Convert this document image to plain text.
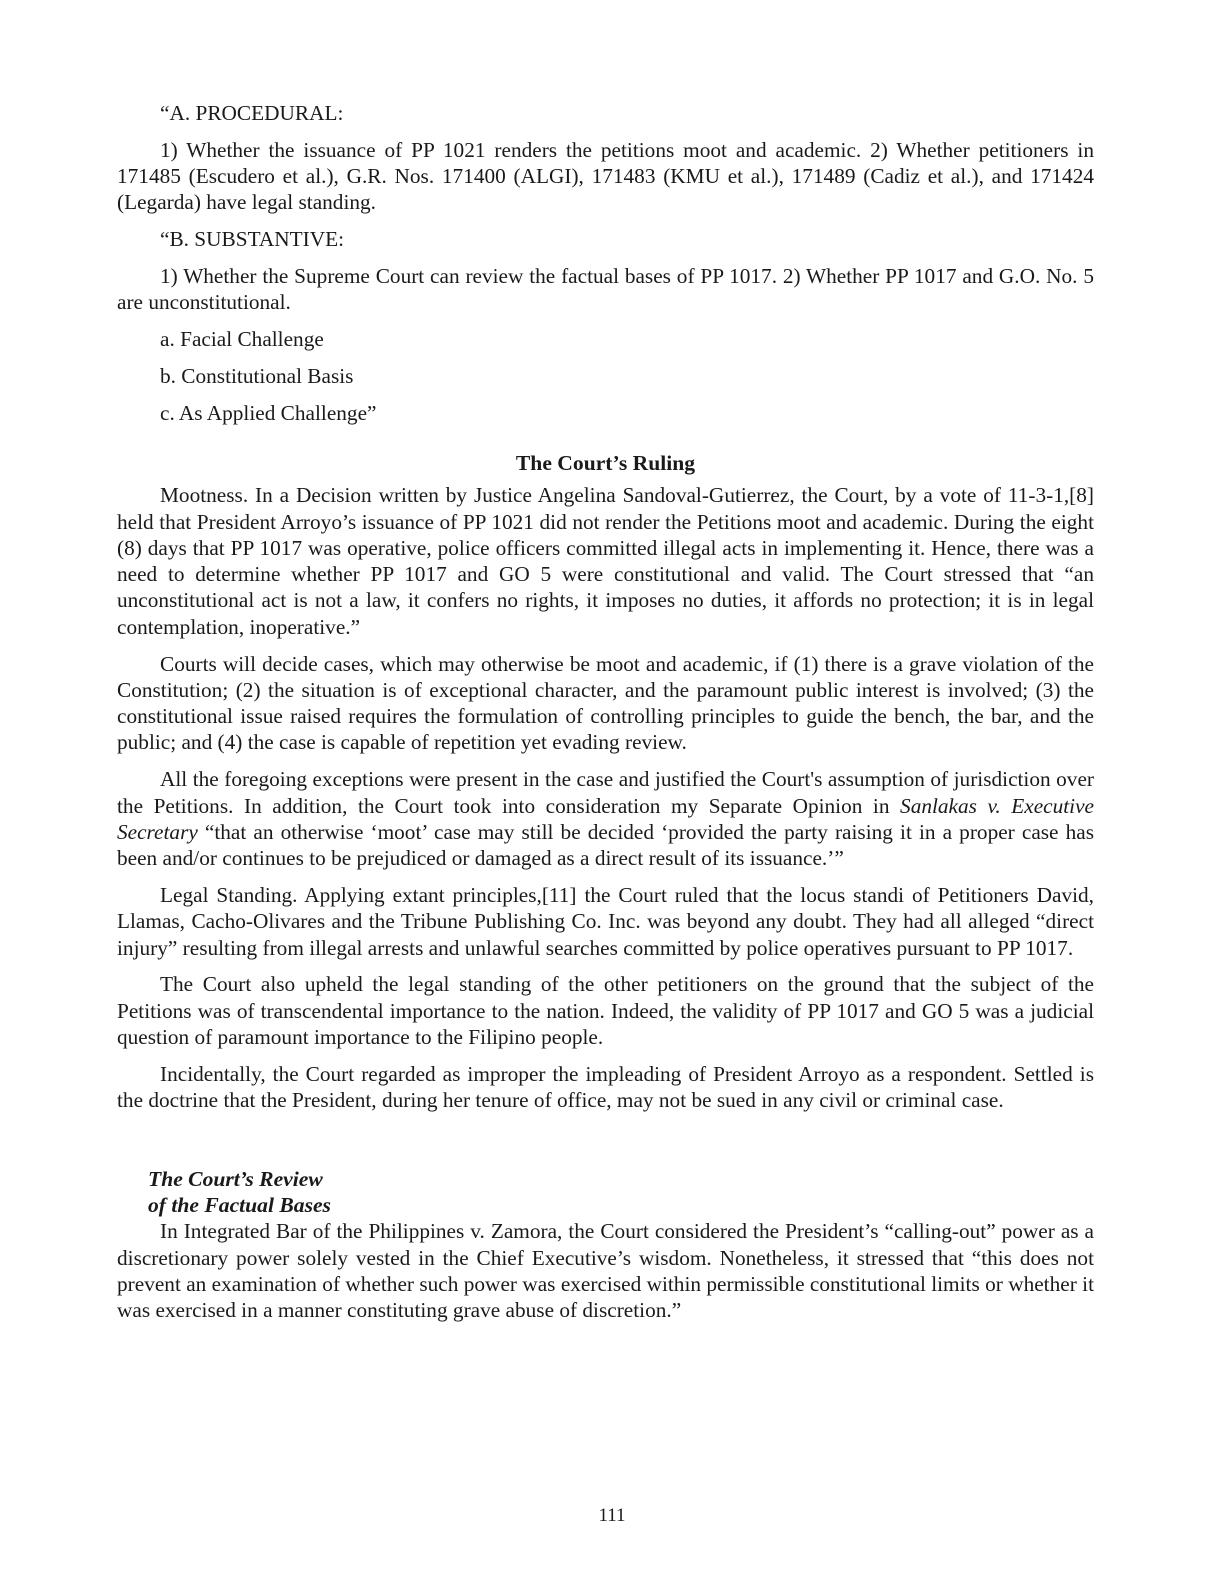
“A. PROCEDURAL:

1) Whether the issuance of PP 1021 renders the petitions moot and academic. 2) Whether petitioners in 171485 (Escudero et al.), G.R. Nos. 171400 (ALGI), 171483 (KMU et al.), 171489 (Cadiz et al.), and 171424 (Legarda) have legal standing.

“B. SUBSTANTIVE:

1) Whether the Supreme Court can review the factual bases of PP 1017. 2) Whether PP 1017 and G.O. No. 5 are unconstitutional.

a. Facial Challenge

b. Constitutional Basis

c. As Applied Challenge”

The Court’s Ruling

Mootness. In a Decision written by Justice Angelina Sandoval-Gutierrez, the Court, by a vote of 11-3-1,[8] held that President Arroyo’s issuance of PP 1021 did not render the Petitions moot and academic. During the eight (8) days that PP 1017 was operative, police officers committed illegal acts in implementing it. Hence, there was a need to determine whether PP 1017 and GO 5 were constitutional and valid. The Court stressed that “an unconstitutional act is not a law, it confers no rights, it imposes no duties, it affords no protection; it is in legal contemplation, inoperative.”

Courts will decide cases, which may otherwise be moot and academic, if (1) there is a grave violation of the Constitution; (2) the situation is of exceptional character, and the paramount public interest is involved; (3) the constitutional issue raised requires the formulation of controlling principles to guide the bench, the bar, and the public; and (4) the case is capable of repetition yet evading review.

All the foregoing exceptions were present in the case and justified the Court's assumption of jurisdiction over the Petitions. In addition, the Court took into consideration my Separate Opinion in Sanlakas v. Executive Secretary “that an otherwise ‘moot’ case may still be decided ‘provided the party raising it in a proper case has been and/or continues to be prejudiced or damaged as a direct result of its issuance.’”

Legal Standing. Applying extant principles,[11] the Court ruled that the locus standi of Petitioners David, Llamas, Cacho-Olivares and the Tribune Publishing Co. Inc. was beyond any doubt. They had all alleged “direct injury” resulting from illegal arrests and unlawful searches committed by police operatives pursuant to PP 1017.

The Court also upheld the legal standing of the other petitioners on the ground that the subject of the Petitions was of transcendental importance to the nation. Indeed, the validity of PP 1017 and GO 5 was a judicial question of paramount importance to the Filipino people.

Incidentally, the Court regarded as improper the impleading of President Arroyo as a respondent. Settled is the doctrine that the President, during her tenure of office, may not be sued in any civil or criminal case.

The Court’s Review
of the Factual Bases

In Integrated Bar of the Philippines v. Zamora, the Court considered the President’s “calling-out” power as a discretionary power solely vested in the Chief Executive’s wisdom. Nonetheless, it stressed that “this does not prevent an examination of whether such power was exercised within permissible constitutional limits or whether it was exercised in a manner constituting grave abuse of discretion.”

111
